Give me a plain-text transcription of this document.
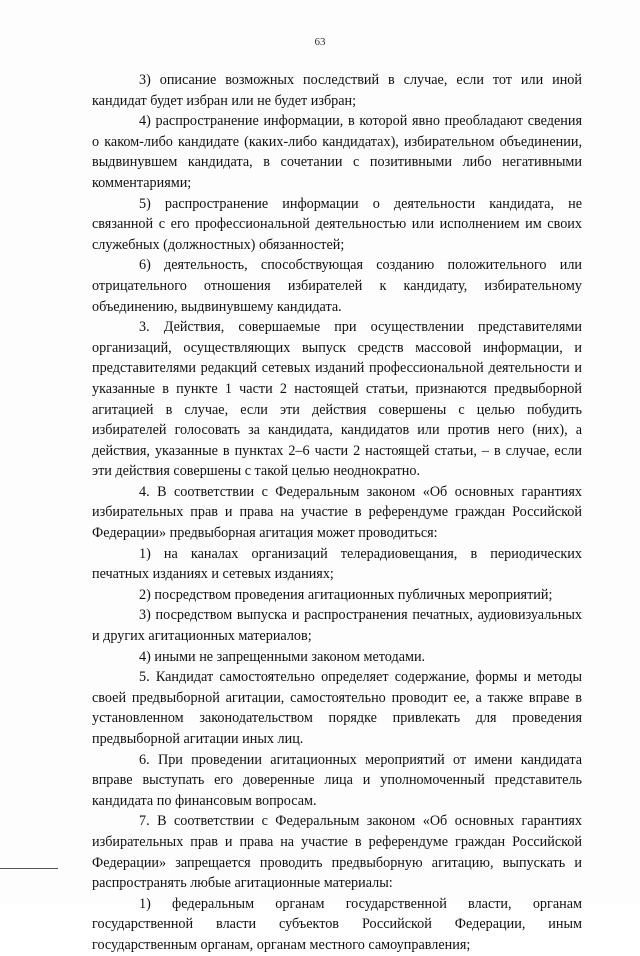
63

3) описание возможных последствий в случае, если тот или иной кандидат будет избран или не будет избран;

4) распространение информации, в которой явно преобладают сведения о каком-либо кандидате (каких-либо кандидатах), избирательном объединении, выдвинувшем кандидата, в сочетании с позитивными либо негативными комментариями;

5) распространение информации о деятельности кандидата, не связанной с его профессиональной деятельностью или исполнением им своих служебных (должностных) обязанностей;

6) деятельность, способствующая созданию положительного или отрицательного отношения избирателей к кандидату, избирательному объединению, выдвинувшему кандидата.

3. Действия, совершаемые при осуществлении представителями организаций, осуществляющих выпуск средств массовой информации, и представителями редакций сетевых изданий профессиональной деятельности и указанные в пункте 1 части 2 настоящей статьи, признаются предвыборной агитацией в случае, если эти действия совершены с целью побудить избирателей голосовать за кандидата, кандидатов или против него (них), а действия, указанные в пунктах 2–6 части 2 настоящей статьи, – в случае, если эти действия совершены с такой целью неоднократно.

4. В соответствии с Федеральным законом «Об основных гарантиях избирательных прав и права на участие в референдуме граждан Российской Федерации» предвыборная агитация может проводиться:

1) на каналах организаций телерадиовещания, в периодических печатных изданиях и сетевых изданиях;

2) посредством проведения агитационных публичных мероприятий;

3) посредством выпуска и распространения печатных, аудиовизуальных и других агитационных материалов;

4) иными не запрещенными законом методами.

5. Кандидат самостоятельно определяет содержание, формы и методы своей предвыборной агитации, самостоятельно проводит ее, а также вправе в установленном законодательством порядке привлекать для проведения предвыборной агитации иных лиц.

6. При проведении агитационных мероприятий от имени кандидата вправе выступать его доверенные лица и уполномоченный представитель кандидата по финансовым вопросам.

7. В соответствии с Федеральным законом «Об основных гарантиях избирательных прав и права на участие в референдуме граждан Российской Федерации» запрещается проводить предвыборную агитацию, выпускать и распространять любые агитационные материалы:

1) федеральным органам государственной власти, органам государственной власти субъектов Российской Федерации, иным государственным органам, органам местного самоуправления;
